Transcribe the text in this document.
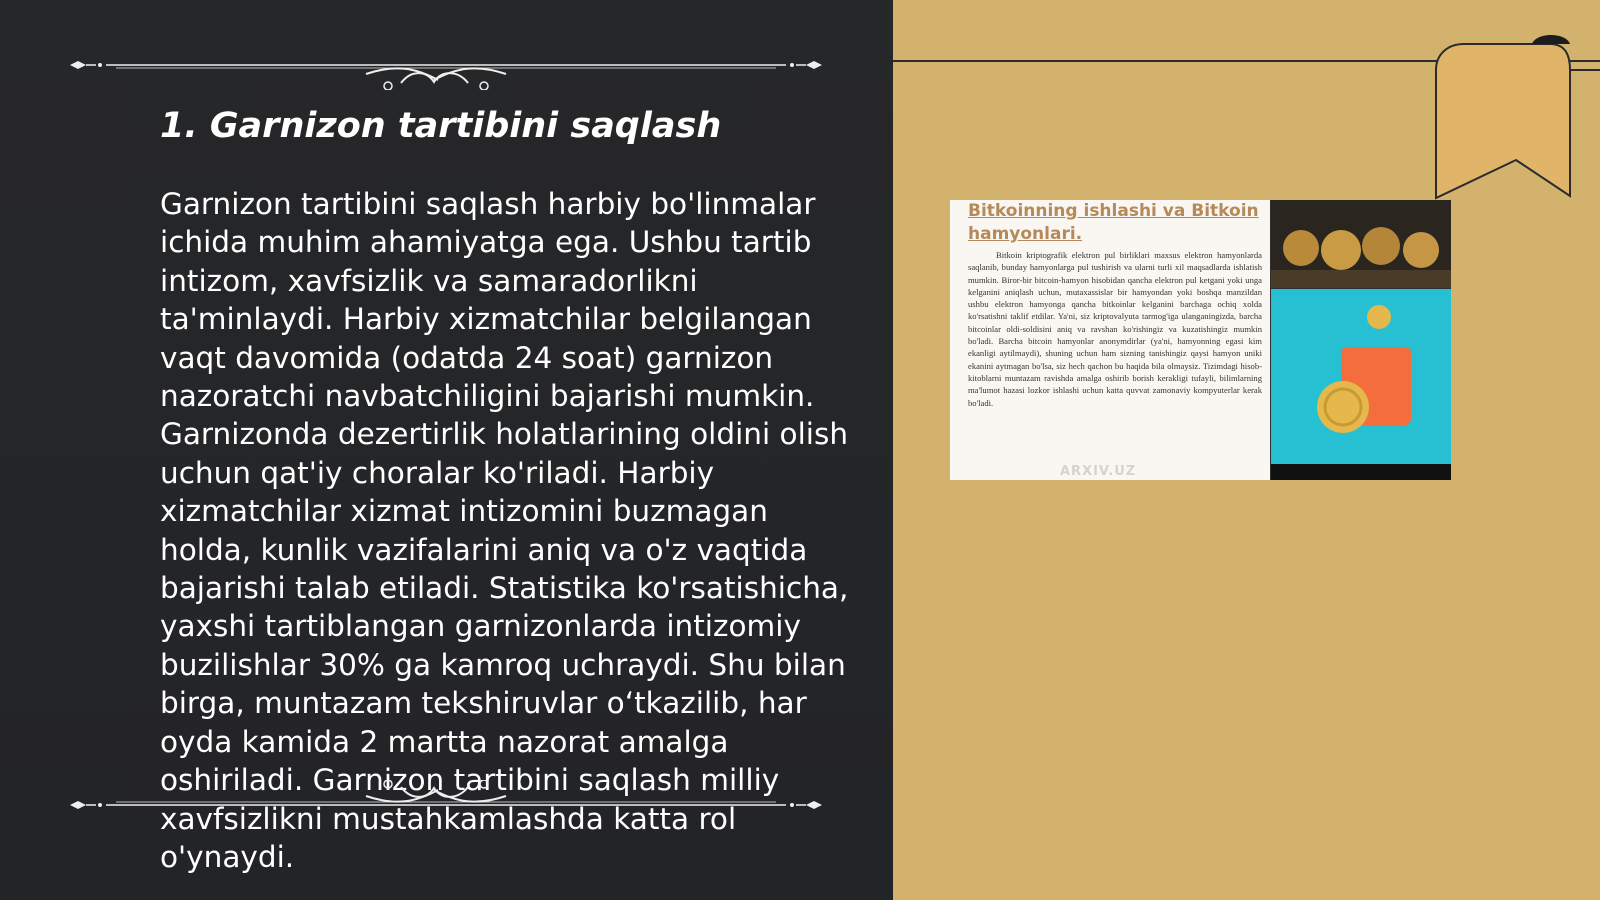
1. Garnizon tartibini saqlash

Garnizon tartibini saqlash harbiy bo'linmalar ichida muhim ahamiyatga ega. Ushbu tartib intizom, xavfsizlik va samaradorlikni ta'minlaydi. Harbiy xizmatchilar belgilangan vaqt davomida (odatda 24 soat) garnizon nazoratchi navbatchiligini bajarishi mumkin. Garnizonda dezertirlik holatlarining oldini olish uchun qat'iy choralar ko'riladi. Harbiy xizmatchilar xizmat intizomini buzmagan holda, kunlik vazifalarini aniq va o'z vaqtida bajarishi talab etiladi. Statistika ko'rsatishicha, yaxshi tartiblangan garnizonlarda intizomiy buzilishlar 30% ga kamroq uchraydi. Shu bilan birga, muntazam tekshiruvlar o‘tkazilib, har oyda kamida 2 martta nazorat amalga oshiriladi. Garnizon tartibini saqlash milliy xavfsizlikni mustahkamlashda katta rol o'ynaydi.

Bitkoinning ishlashi va Bitkoin hamyonlari.

Bitkoin kriptografik elektron pul birliklari maxsus elektron hamyonlarda saqlanib, bunday hamyonlarga pul tushirish va ularni turli xil maqsadlarda ishlatish mumkin. Biror-bir bitcoin-hamyon hisobidan qancha elektron pul ketgani yoki unga kelganini aniqlash uchun, mutaxassislar bir hamyondan yoki boshqa manzildan ushbu elektron hamyonga qancha bitkoinlar kelganini barchaga ochiq xolda ko'rsatishni taklif etdilar. Ya'ni, siz kriptovalyuta tarmog'iga ulanganingizda, barcha bitcoinlar oldi-soldisini aniq va ravshan ko'rishingiz va kuzatishingiz mumkin bo'ladi. Barcha bitcoin hamyonlar anonymdirlar (ya'ni, hamyonning egasi kim ekanligi aytilmaydi), shuning uchun ham sizning tanishingiz qaysi hamyon uniki ekanini aytmagan bo'lsa, siz hech qachon bu haqida bila olmaysiz. Tizimdagi hisob-kitoblarni muntazam ravishda amalga oshirib borish kerakligi tufayli, bilimlarning ma'lumot hazasi lozkor ishlashi uchun katta quvvat zamonaviy kompyuterlar kerak bo'ladi.

ARXIV.UZ
